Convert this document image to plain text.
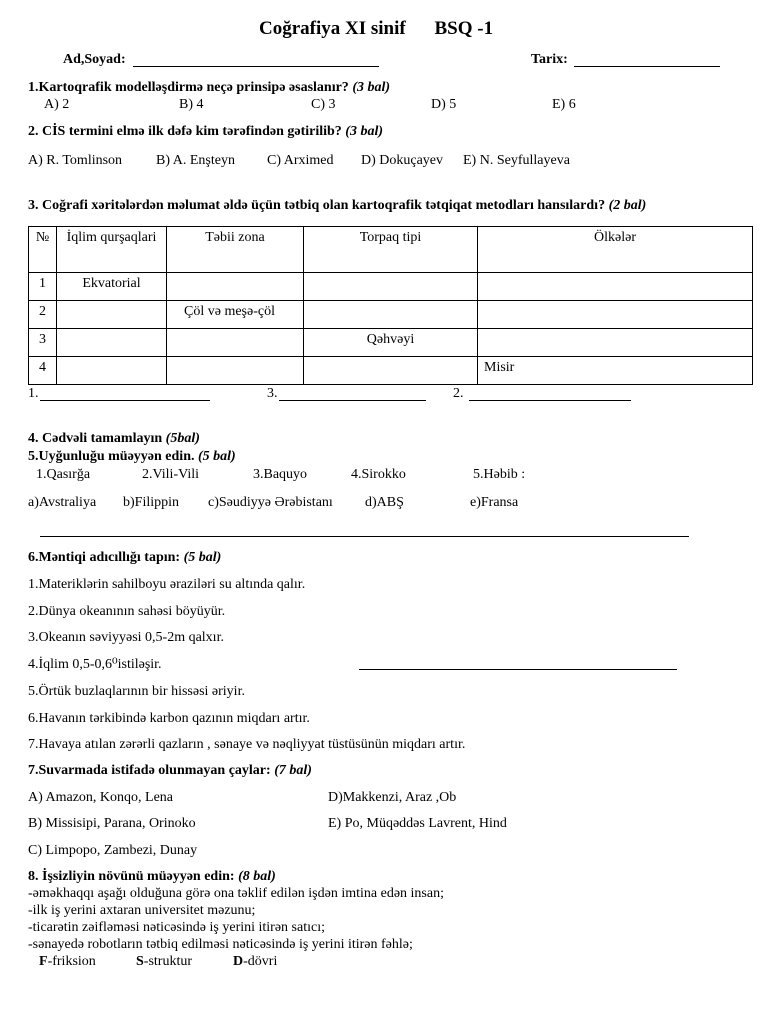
Coğrafiya XI sinif BSQ -1
Ad,Soyad:	Tarix:
1.Kartoqrafik modelləşdirmə neçə prinsipə əsaslanır? (3 bal)
A) 2	B) 4	C) 3	D) 5	E) 6
2. CİS termini elmə ilk dəfə kim tərəfindən gətirilib? (3 bal)
A) R. Tomlinson B) A. Enşteyn C) Arximed D) Dokuçayev E) N. Seyfullayeva
3. Coğrafi xəritələrdən məlumat əldə üçün tətbiq olan kartoqrafik tətqiqat metodları hansılardı? (2 bal)
№	İqlim qurşaqlari	Təbii zona	Torpaq tipi	Ölkələr
1	Ekvatorial			
2		Çöl və meşə-çöl		
3			Qəhvəyi	
4				Misir
1.	3.	2.
4. Cədvəli tamamlayın (5bal)
5.Uyğunluğu müəyyən edin. (5 bal)
1.Qasırğa	2.Vili-Vili	3.Baquyo	4.Sirokko	5.Həbib :
a)Avstraliya b)Filippin c)Səudiyyə Ərəbistanı d)ABŞ	e)Fransa
6.Məntiqi adıcıllığı tapın: (5 bal)
1.Materiklərin sahilboyu əraziləri su altında qalır.
2.Dünya okeanının sahəsi böyüyür.
3.Okeanın səviyyəsi 0,5-2m qalxır.
4.İqlim 0,5-0,6⁰istiləşir.
5.Örtük buzlaqlarının bir hissəsi əriyir.
6.Havanın tərkibində karbon qazının miqdarı artır.
7.Havaya atılan zərərli qazların , sənaye və nəqliyyat tüstüsünün miqdarı artır.
7.Suvarmada istifadə olunmayan çaylar: (7 bal)
A) Amazon, Konqo, Lena	D)Makkenzi, Araz ,Ob
B) Missisipi, Parana, Orinoko	E) Po, Müqəddəs Lavrent, Hind
C) Limpopo, Zambezi, Dunay
8. İşsizliyin növünü müəyyən edin: (8 bal)
-əməkhaqqı aşağı olduğuna görə ona təklif edilən işdən imtina edən insan;
-ilk iş yerini axtaran universitet məzunu;
-ticarətin zəifləməsi nəticəsində iş yerini itirən satıcı;
-sənayedə robotların tətbiq edilməsi nəticəsində iş yerini itirən fəhlə;
F-friksion	S-struktur	D-dövri
